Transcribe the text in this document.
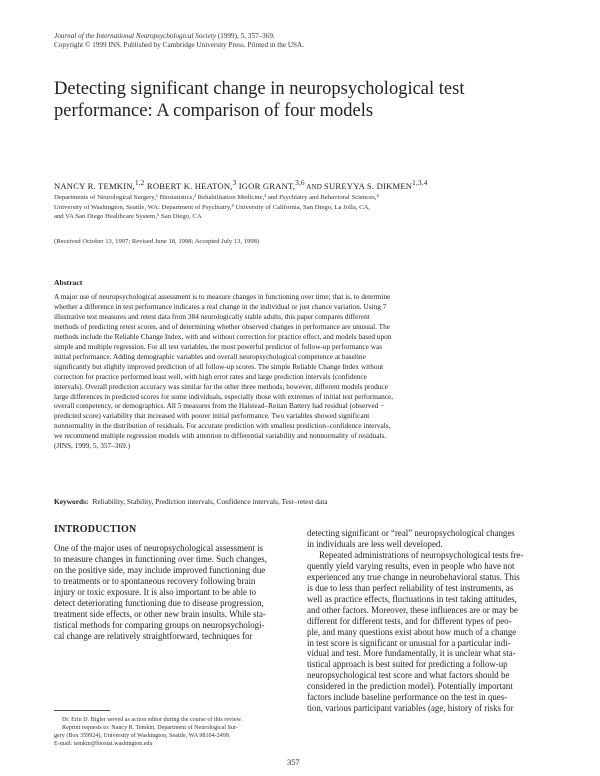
Journal of the International Neuropsychological Society (1999), 5, 357–369.
Copyright © 1999 INS. Published by Cambridge University Press. Printed in the USA.
Detecting significant change in neuropsychological test
performance: A comparison of four models
NANCY R. TEMKIN,$^{1,2}$ ROBERT K. HEATON,$^3$ IGOR GRANT,$^{3,6}$ AND SUREYYA S. DIKMEN$^{1,3,4}$
Departments of Neurological Surgery,¹ Biostatistics,² Rehabilitation Medicine,³ and Psychiatry and Behavioral Sciences,⁴
University of Washington, Seattle, WA; Department of Psychiatry,⁵ University of California, San Diego, La Jolla, CA,
and VA San Diego Healthcare System,⁶ San Diego, CA
(Received October 13, 1997; Revised June 18, 1998; Accepted July 13, 1998)
Abstract

A major use of neuropsychological assessment is to measure changes in functioning over time; that is, to determine

whether a difference in test performance indicates a real change in the individual or just chance variation. Using 7

illustrative test measures and retest data from 384 neurologically stable adults, this paper compares different

methods of predicting retest scores, and of determining whether observed changes in performance are unusual. The

methods include the Reliable Change Index, with and without correction for practice effect, and models based upon

simple and multiple regression. For all test variables, the most powerful predictor of follow-up performance was

initial performance. Adding demographic variables and overall neuropsychological competence at baseline

significantly but slightly improved prediction of all follow-up scores. The simple Reliable Change Index without

correction for practice performed least well, with high error rates and large prediction intervals (confidence

intervals). Overall prediction accuracy was similar for the other three methods; however, different models produce

large differences in predicted scores for some individuals, especially those with extremes of initial test performance,

overall competency, or demographics. All 5 measures from the Halstead–Reitan Battery had residual (observed −

predicted score) variability that increased with poorer initial performance. Two variables showed significant

nonnormality in the distribution of residuals. For accurate prediction with smallest prediction–confidence intervals,

we recommend multiple regression models with attention to differential variability and nonnormality of residuals.

(JINS, 1999, 5, 357–369.)

Keywords: Reliability, Stability, Prediction intervals, Confidence intervals, Test–retest data
INTRODUCTION

One of the major uses of neuropsychological assessment is

to measure changes in functioning over time. Such changes,

on the positive side, may include improved functioning due

to treatments or to spontaneous recovery following brain

injury or toxic exposure. It is also important to be able to

detect deteriorating functioning due to disease progression,

treatment side effects, or other new brain insults. While sta-

tistical methods for comparing groups on neuropsychologi-

cal change are relatively straightforward, techniques for

detecting significant or “real” neuropsychological changes

in individuals are less well developed.

Repeated administrations of neuropsychological tests fre-

quently yield varying results, even in people who have not

experienced any true change in neurobehavioral status. This

is due to less than perfect reliability of test instruments, as

well as practice effects, fluctuations in test taking attitudes,

and other factors. Moreover, these influences are or may be

different for different tests, and for different types of peo-

ple, and many questions exist about how much of a change

in test score is significant or unusual for a particular indi-

vidual and test. More fundamentally, it is unclear what sta-

tistical approach is best suited for predicting a follow-up

neuropsychological test score and what factors should be

considered in the prediction model). Potentially important

factors include baseline performance on the test in ques-

tion, various participant variables (age, history of risks for

Dr. Erin D. Bigler served as action editor during the course of this review.

Reprint requests to: Nancy R. Temkin, Department of Neurological Sur-

gery (Box 359924), University of Washington, Seattle, WA 98104-2499.
E-mail: temkin@biostat.washington.edu
357
